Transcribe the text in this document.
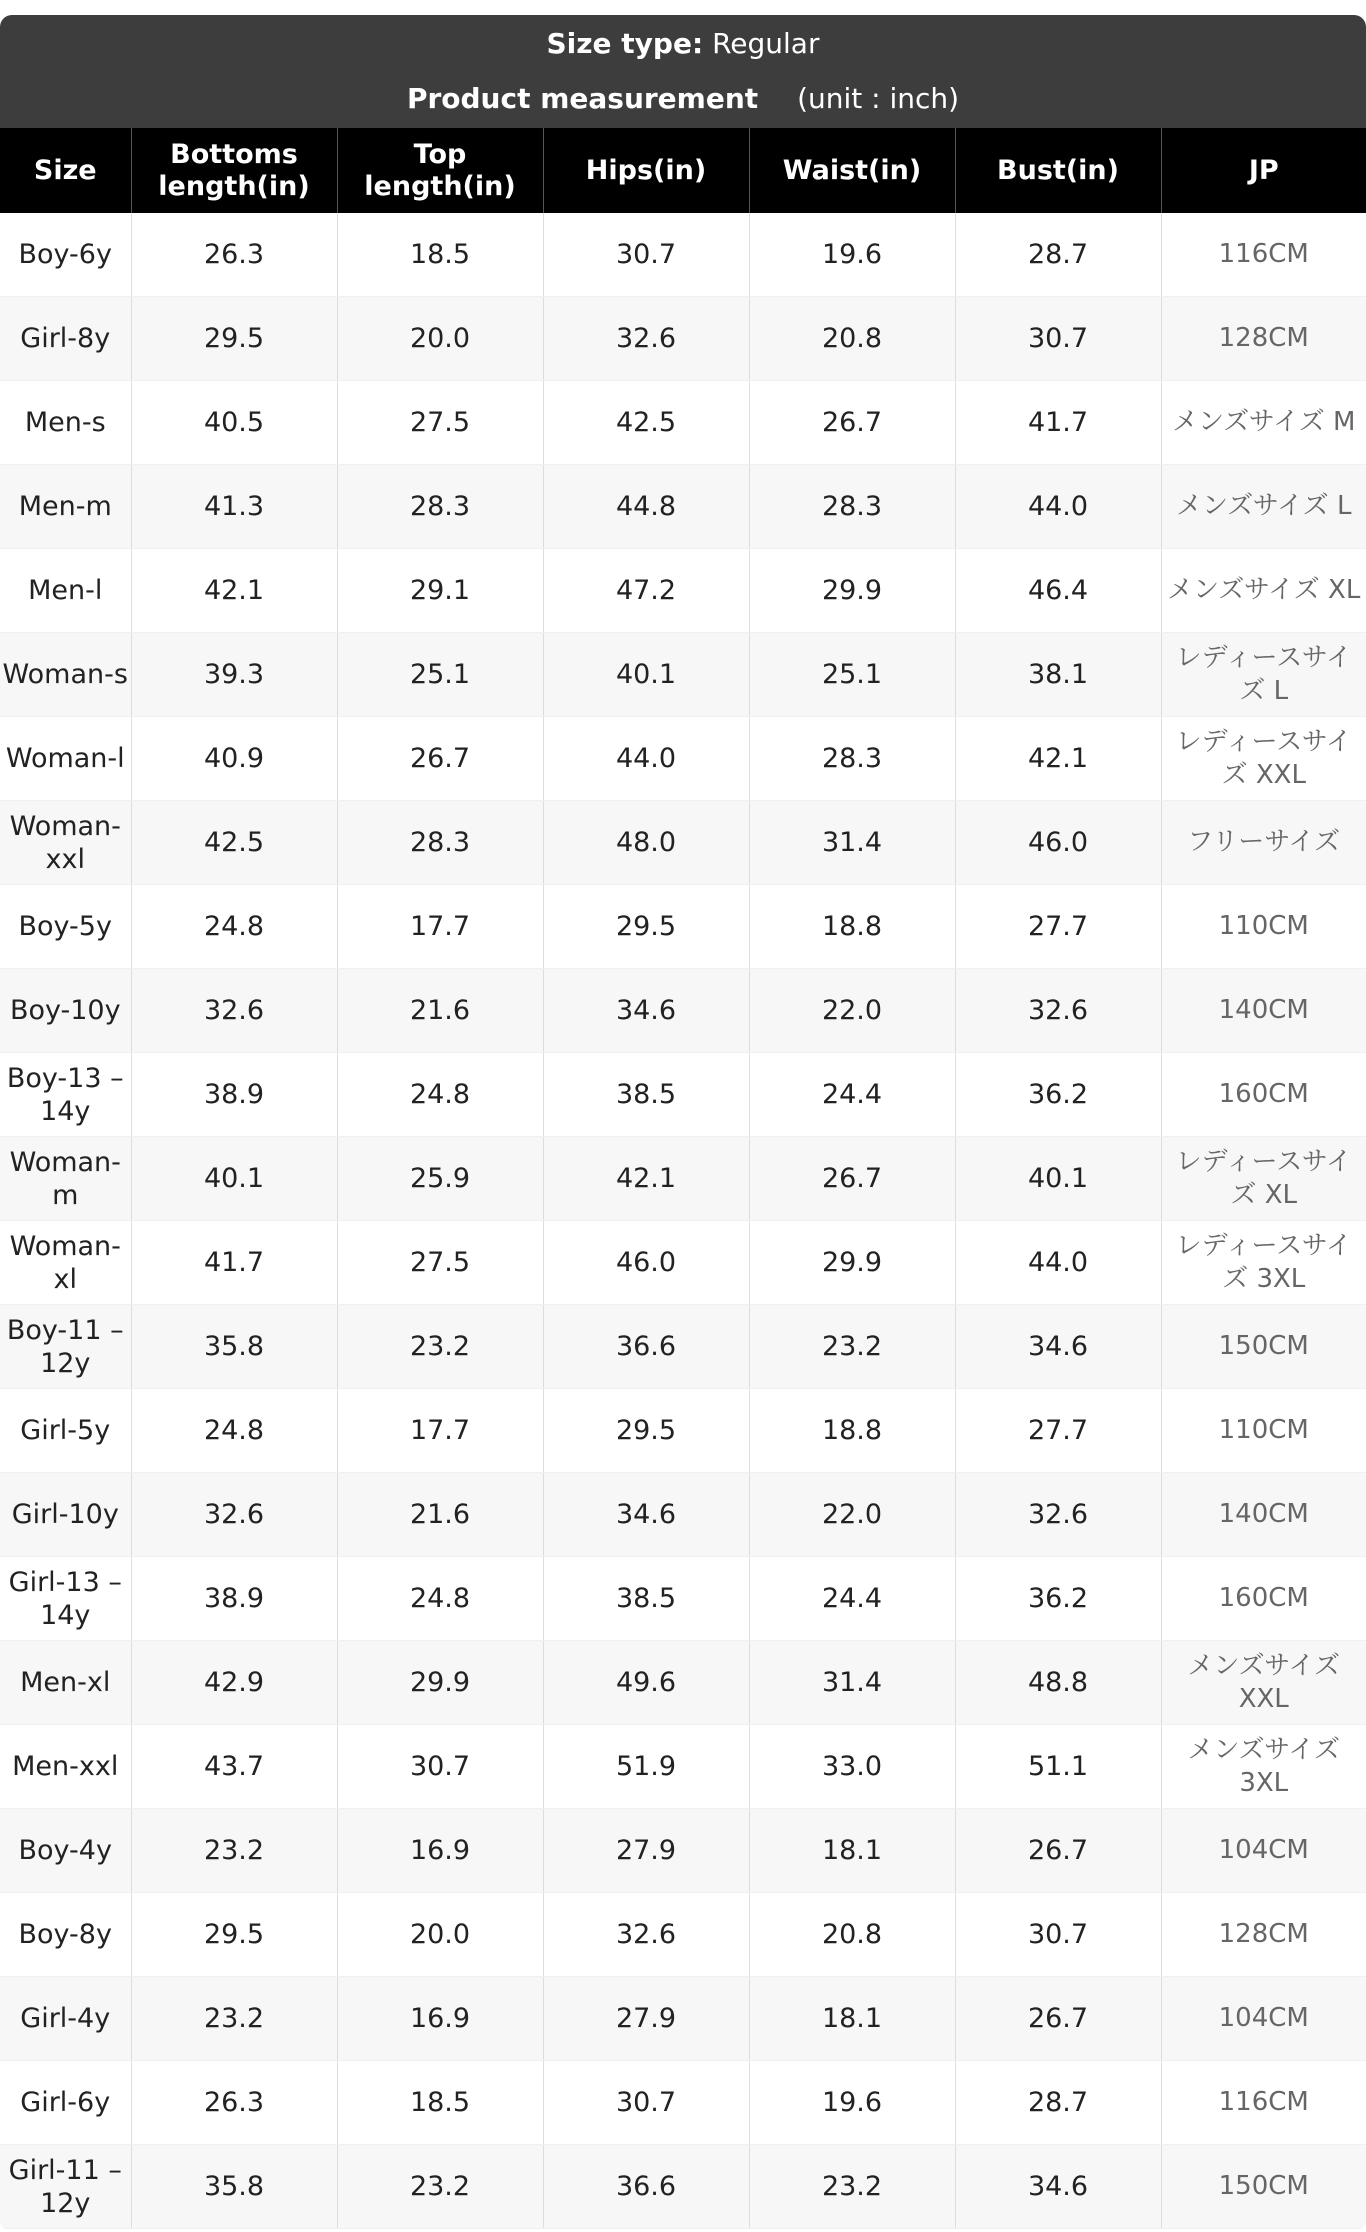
Size type: Regular
Product measurement (unit : inch)
Size	Bottoms length(in)	Top length(in)	Hips(in)	Waist(in)	Bust(in)	JP
Boy-6y	26.3	18.5	30.7	19.6	28.7	116CM
Girl-8y	29.5	20.0	32.6	20.8	30.7	128CM
Men-s	40.5	27.5	42.5	26.7	41.7	メンズサイズ M
Men-m	41.3	28.3	44.8	28.3	44.0	メンズサイズ L
Men-l	42.1	29.1	47.2	29.9	46.4	メンズサイズ XL
Woman-s	39.3	25.1	40.1	25.1	38.1	レディースサイズ L
Woman-l	40.9	26.7	44.0	28.3	42.1	レディースサイズ XXL
Woman-xxl	42.5	28.3	48.0	31.4	46.0	フリーサイズ
Boy-5y	24.8	17.7	29.5	18.8	27.7	110CM
Boy-10y	32.6	21.6	34.6	22.0	32.6	140CM
Boy-13 – 14y	38.9	24.8	38.5	24.4	36.2	160CM
Woman-m	40.1	25.9	42.1	26.7	40.1	レディースサイズ XL
Woman-xl	41.7	27.5	46.0	29.9	44.0	レディースサイズ 3XL
Boy-11 – 12y	35.8	23.2	36.6	23.2	34.6	150CM
Girl-5y	24.8	17.7	29.5	18.8	27.7	110CM
Girl-10y	32.6	21.6	34.6	22.0	32.6	140CM
Girl-13 – 14y	38.9	24.8	38.5	24.4	36.2	160CM
Men-xl	42.9	29.9	49.6	31.4	48.8	メンズサイズ XXL
Men-xxl	43.7	30.7	51.9	33.0	51.1	メンズサイズ 3XL
Boy-4y	23.2	16.9	27.9	18.1	26.7	104CM
Boy-8y	29.5	20.0	32.6	20.8	30.7	128CM
Girl-4y	23.2	16.9	27.9	18.1	26.7	104CM
Girl-6y	26.3	18.5	30.7	19.6	28.7	116CM
Girl-11 – 12y	35.8	23.2	36.6	23.2	34.6	150CM
